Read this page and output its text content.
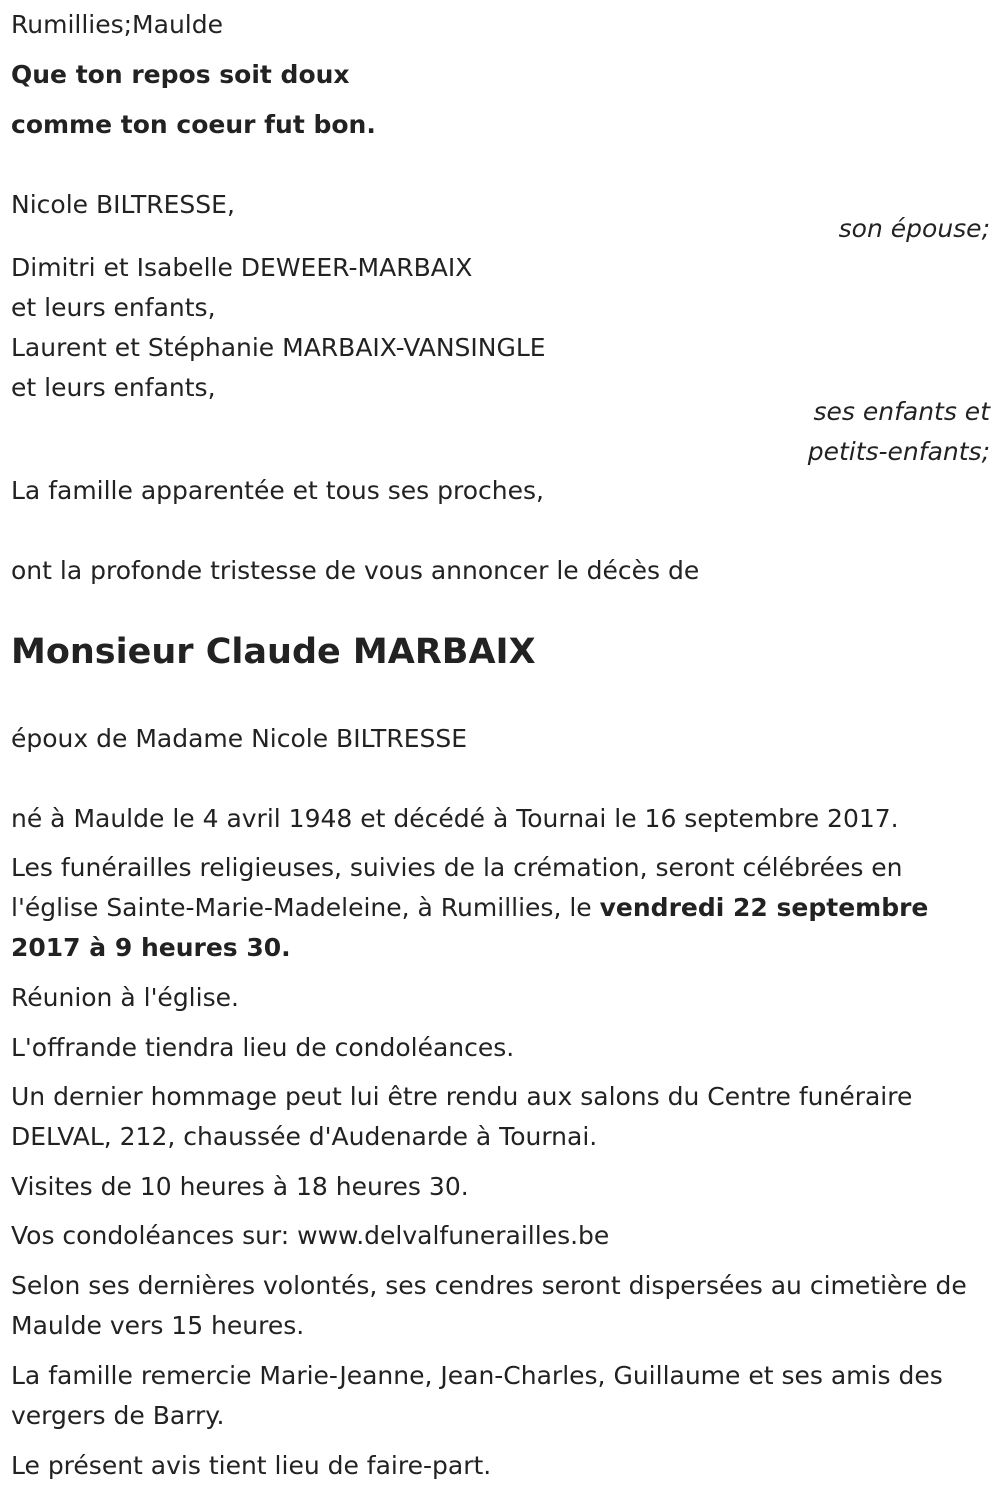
Rumillies;Maulde

Que ton repos soit doux

comme ton coeur fut bon.

Nicole BILTRESSE,

son épouse;

Dimitri et Isabelle DEWEER-MARBAIX

et leurs enfants,

Laurent et Stéphanie MARBAIX-VANSINGLE

et leurs enfants,

ses enfants et
petits-enfants;

La famille apparentée et tous ses proches,

ont la profonde tristesse de vous annoncer le décès de

Monsieur Claude MARBAIX

époux de Madame Nicole BILTRESSE

né à Maulde le 4 avril 1948 et décédé à Tournai le 16 septembre 2017.

Les funérailles religieuses, suivies de la crémation, seront célébrées en l'église Sainte-Marie-Madeleine, à Rumillies, le vendredi 22 septembre 2017 à 9 heures 30.

Réunion à l'église.

L'offrande tiendra lieu de condoléances.

Un dernier hommage peut lui être rendu aux salons du Centre funéraire DELVAL, 212, chaussée d'Audenarde à Tournai.

Visites de 10 heures à 18 heures 30.

Vos condoléances sur: www.delvalfunerailles.be

Selon ses dernières volontés, ses cendres seront dispersées au cimetière de Maulde vers 15 heures.

La famille remercie Marie-Jeanne, Jean-Charles, Guillaume et ses amis des vergers de Barry.

Le présent avis tient lieu de faire-part.
